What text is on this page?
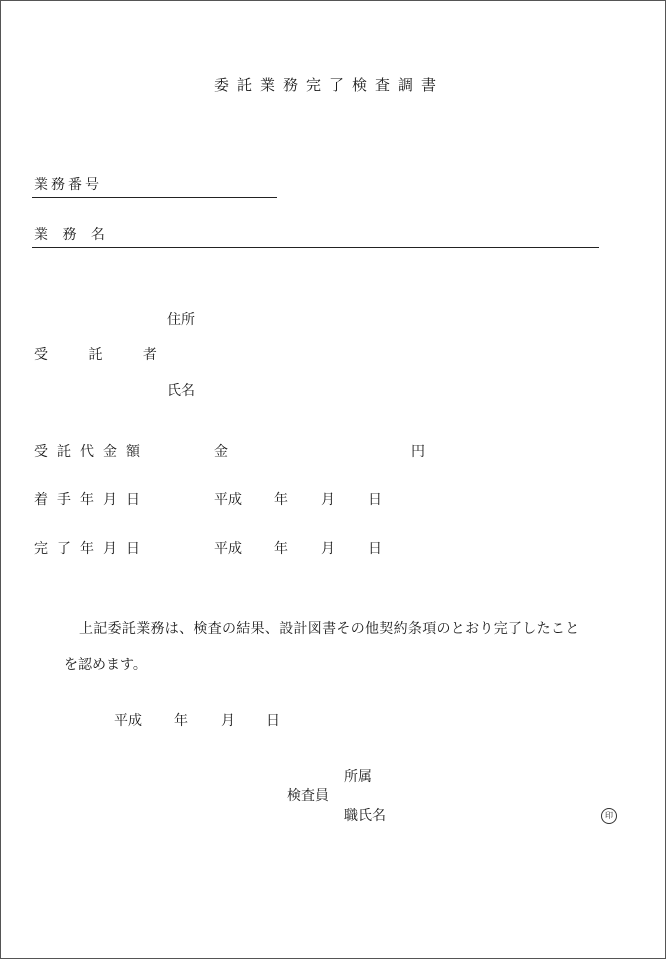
委託業務完了検査調書
業務番号
業 務 名
住所
受 託 者
氏名
受託代金額	金	円
着手年月日	平成 年 月 日
完了年月日	平成 年 月 日
上記委託業務は、検査の結果、設計図書その他契約条項のとおり完了したこと
を認めます。
平成 年 月 日
所属
検査員
職氏名	印
